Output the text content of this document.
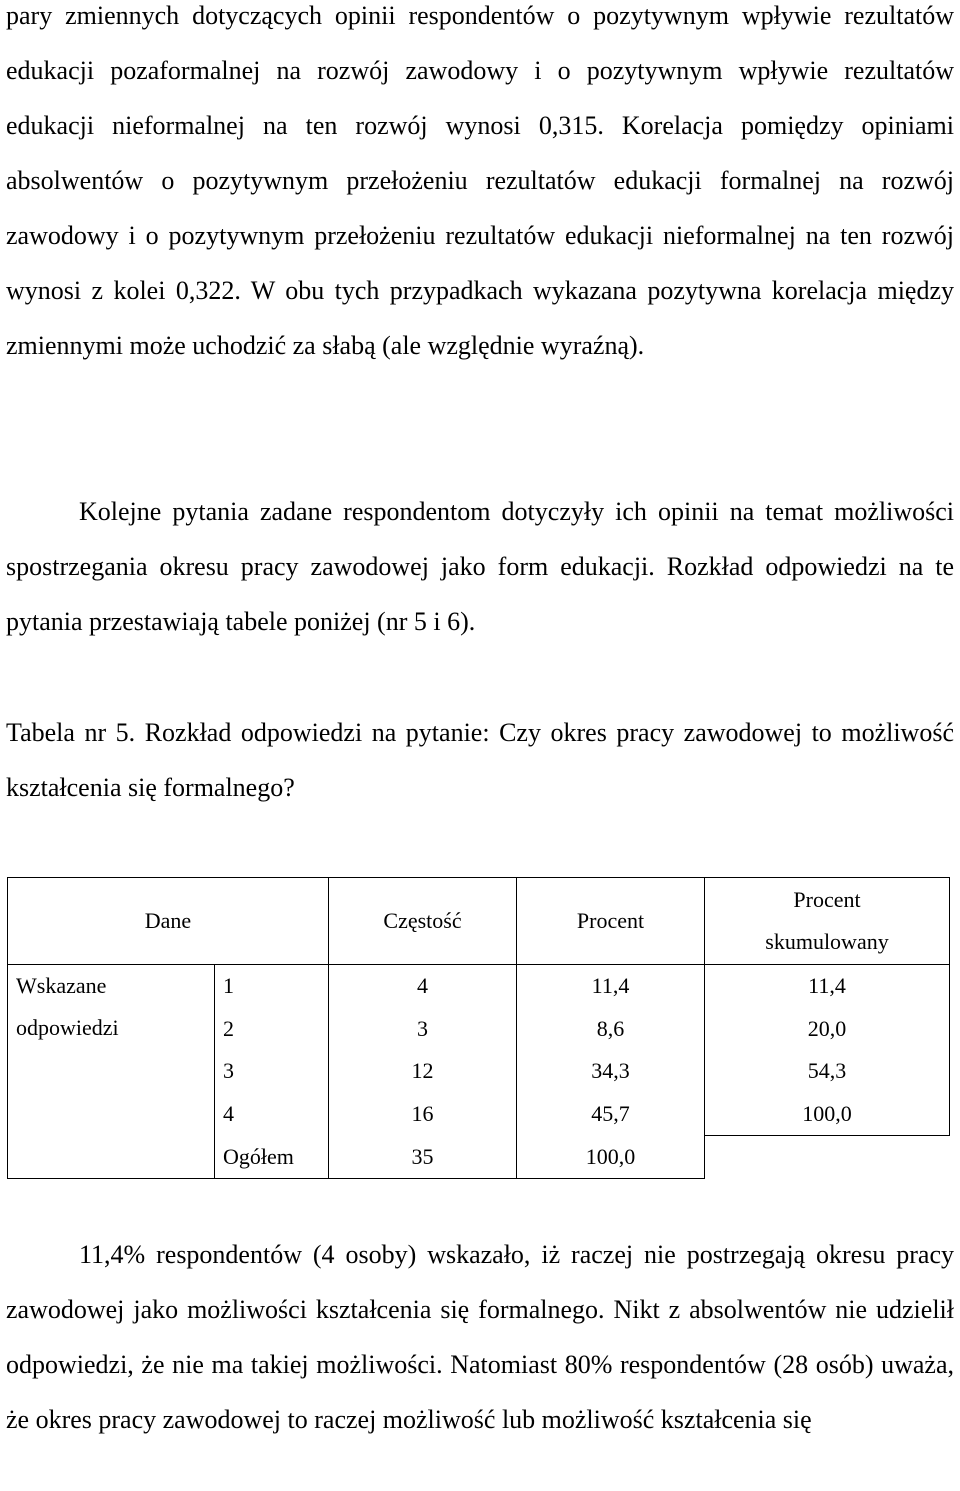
pary zmiennych dotyczących opinii respondentów o pozytywnym wpływie rezultatów edukacji pozaformalnej na rozwój zawodowy i o pozytywnym wpływie rezultatów edukacji nieformalnej na ten rozwój wynosi 0,315. Korelacja pomiędzy opiniami absolwentów o pozytywnym przełożeniu rezultatów edukacji formalnej na rozwój zawodowy i o pozytywnym przełożeniu rezultatów edukacji nieformalnej na ten rozwój wynosi z kolei 0,322. W obu tych przypadkach wykazana pozytywna korelacja między zmiennymi może uchodzić za słabą (ale względnie wyraźną).

Kolejne pytania zadane respondentom dotyczyły ich opinii na temat możliwości spostrzegania okresu pracy zawodowej jako form edukacji. Rozkład odpowiedzi na te pytania przestawiają tabele poniżej (nr 5 i 6).

Tabela nr 5. Rozkład odpowiedzi na pytanie: Czy okres pracy zawodowej to możliwość kształcenia się formalnego?

Dane		Częstość	Procent	Procent
skumulowany
Wskazane
odpowiedzi	1	4	11,4	11,4
	2	3	8,6	20,0
	3	12	34,3	54,3
	4	16	45,7	100,0
	Ogółem	35	100,0	

11,4% respondentów (4 osoby) wskazało, iż raczej nie postrzegają okresu pracy zawodowej jako możliwości kształcenia się formalnego. Nikt z absolwentów nie udzielił odpowiedzi, że nie ma takiej możliwości. Natomiast 80% respondentów (28 osób) uważa, że okres pracy zawodowej to raczej możliwość lub możliwość kształcenia się
